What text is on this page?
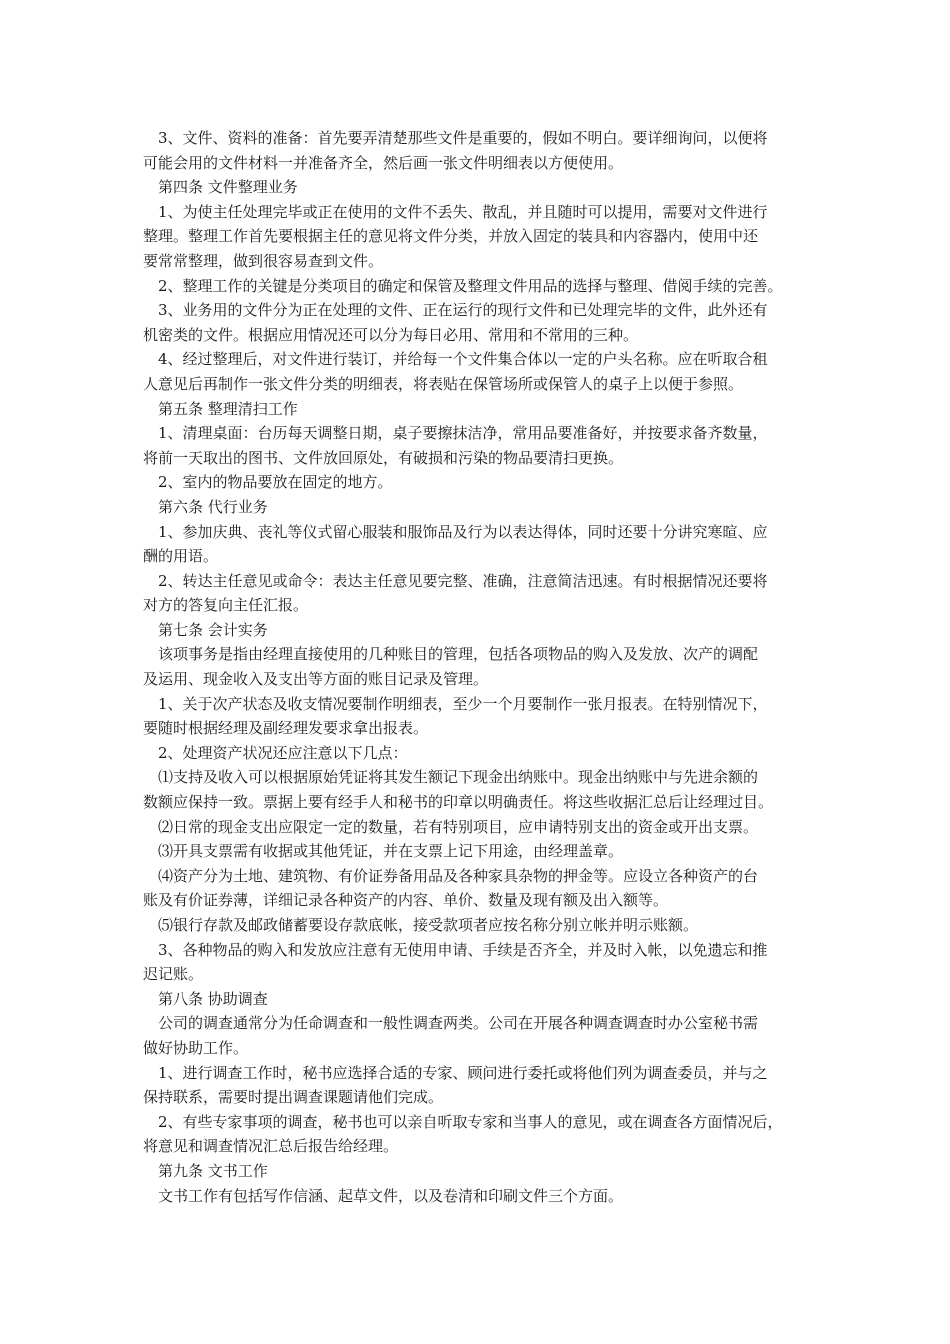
　3、文件、资料的准备：首先要弄清楚那些文件是重要的，假如不明白。要详细询问，以便将
可能会用的文件材料一并准备齐全，然后画一张文件明细表以方便使用。
　第四条 文件整理业务
　1、为使主任处理完毕或正在使用的文件不丢失、散乱，并且随时可以提用，需要对文件进行
整理。整理工作首先要根据主任的意见将文件分类，并放入固定的装具和内容器内，使用中还
要常常整理，做到很容易查到文件。
　2、整理工作的关键是分类项目的确定和保管及整理文件用品的选择与整理、借阅手续的完善。
　3、业务用的文件分为正在处理的文件、正在运行的现行文件和已处理完毕的文件，此外还有
机密类的文件。根据应用情况还可以分为每日必用、常用和不常用的三种。
　4、经过整理后，对文件进行装订，并给每一个文件集合体以一定的户头名称。应在听取合租
人意见后再制作一张文件分类的明细表，将表贴在保管场所或保管人的桌子上以便于参照。
　第五条 整理清扫工作
　1、清理桌面：台历每天调整日期，桌子要擦抹洁净，常用品要准备好，并按要求备齐数量，
将前一天取出的图书、文件放回原处，有破损和污染的物品要清扫更换。
　2、室内的物品要放在固定的地方。
　第六条 代行业务
　1、参加庆典、丧礼等仪式留心服装和服饰品及行为以表达得体，同时还要十分讲究寒暄、应
酬的用语。
　2、转达主任意见或命令：表达主任意见要完整、准确，注意简洁迅速。有时根据情况还要将
对方的答复向主任汇报。
　第七条 会计实务
　该项事务是指由经理直接使用的几种账目的管理，包括各项物品的购入及发放、次产的调配
及运用、现金收入及支出等方面的账目记录及管理。
　1、关于次产状态及收支情况要制作明细表，至少一个月要制作一张月报表。在特别情况下，
要随时根据经理及副经理发要求拿出报表。
　2、处理资产状况还应注意以下几点：
　⑴支持及收入可以根据原始凭证将其发生额记下现金出纳账中。现金出纳账中与先进余额的
数额应保持一致。票据上要有经手人和秘书的印章以明确责任。将这些收据汇总后让经理过目。
　⑵日常的现金支出应限定一定的数量，若有特别项目，应申请特别支出的资金或开出支票。
　⑶开具支票需有收据或其他凭证，并在支票上记下用途，由经理盖章。
　⑷资产分为土地、建筑物、有价证券备用品及各种家具杂物的押金等。应设立各种资产的台
账及有价证券薄，详细记录各种资产的内容、单价、数量及现有额及出入额等。
　⑸银行存款及邮政储蓄要设存款底帐，接受款项者应按名称分别立帐并明示账额。
　3、各种物品的购入和发放应注意有无使用申请、手续是否齐全，并及时入帐，以免遗忘和推
迟记账。
　第八条 协助调查
　公司的调查通常分为任命调查和一般性调查两类。公司在开展各种调查调查时办公室秘书需
做好协助工作。
　1、进行调查工作时，秘书应选择合适的专家、顾问进行委托或将他们列为调查委员，并与之
保持联系，需要时提出调查课题请他们完成。
　2、有些专家事项的调查，秘书也可以亲自听取专家和当事人的意见，或在调查各方面情况后，
将意见和调查情况汇总后报告给经理。
　第九条 文书工作
　文书工作有包括写作信涵、起草文件，以及卷清和印刷文件三个方面。
